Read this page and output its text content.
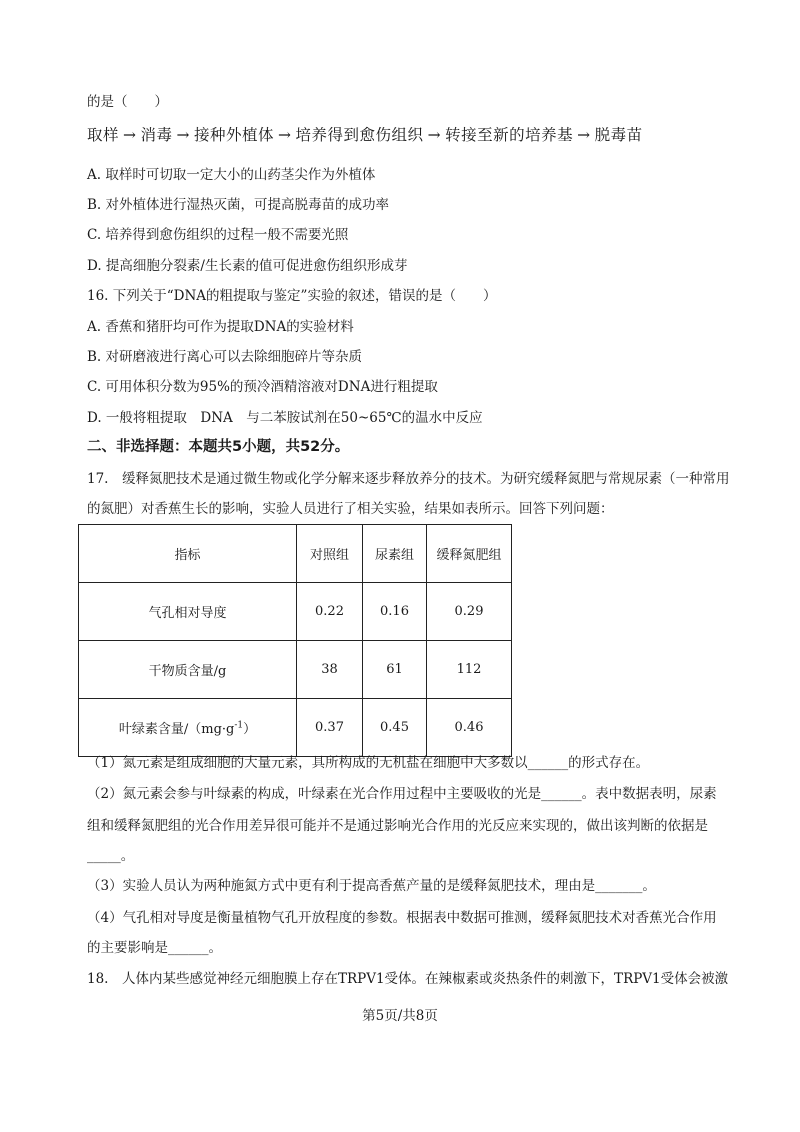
的是（　　）
取样 → 消毒 → 接种外植体 → 培养得到愈伤组织 → 转接至新的培养基 → 脱毒苗
A. 取样时可切取一定大小的山药茎尖作为外植体
B. 对外植体进行湿热灭菌，可提高脱毒苗的成功率
C. 培养得到愈伤组织的过程一般不需要光照
D. 提高细胞分裂素/生长素的值可促进愈伤组织形成芽
16. 下列关于“DNA的粗提取与鉴定”实验的叙述，错误的是（　　）
A. 香蕉和猪肝均可作为提取DNA的实验材料
B. 对研磨液进行离心可以去除细胞碎片等杂质
C. 可用体积分数为95%的预冷酒精溶液对DNA进行粗提取
D. 一般将粗提取　DNA　与二苯胺试剂在50~65℃的温水中反应
二、非选择题：本题共5小题，共52分。
17.　缓释氮肥技术是通过微生物或化学分解来逐步释放养分的技术。为研究缓释氮肥与常规尿素（一种常用
的氮肥）对香蕉生长的影响，实验人员进行了相关实验，结果如表所示。回答下列问题：
指标	对照组	尿素组	缓释氮肥组
气孔相对导度	0.22	0.16	0.29
干物质含量/g	38	61	112
叶绿素含量$/(mg\cdot g^{-1})$	0.37	0.45	0.46
（1）氮元素是组成细胞的大量元素，具所构成的无机盐在细胞中大多数以______的形式存在。
（2）氮元素会参与叶绿素的构成，叶绿素在光合作用过程中主要吸收的光是______。表中数据表明，尿素
组和缓释氮肥组的光合作用差异很可能并不是通过影响光合作用的光反应来实现的，做出该判断的依据是
_____。
（3）实验人员认为两种施氮方式中更有利于提高香蕉产量的是缓释氮肥技术，理由是_______。
（4）气孔相对导度是衡量植物气孔开放程度的参数。根据表中数据可推测，缓释氮肥技术对香蕉光合作用
的主要影响是______。
18.　人体内某些感觉神经元细胞膜上存在TRPV1受体。在辣椒素或炎热条件的刺激下，TRPV1受体会被激
第5页/共8页
